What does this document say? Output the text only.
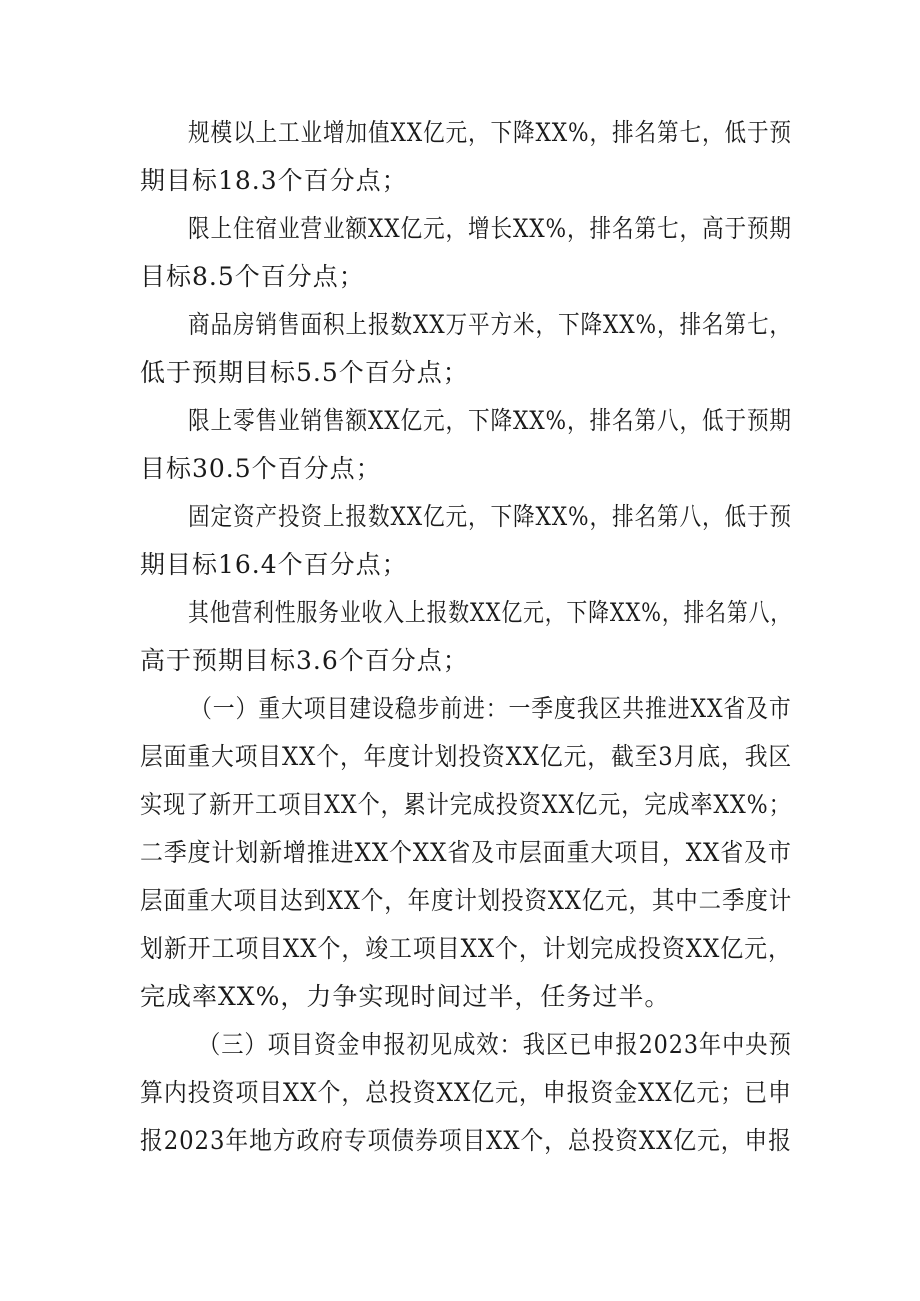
规模以上工业增加值XX亿元，下降XX%，排名第七，低于预

期目标18.3个百分点；

限上住宿业营业额XX亿元，增长XX%，排名第七，高于预期

目标8.5个百分点；

商品房销售面积上报数XX万平方米，下降XX%，排名第七，

低于预期目标5.5个百分点；

限上零售业销售额XX亿元，下降XX%，排名第八，低于预期

目标30.5个百分点；

固定资产投资上报数XX亿元，下降XX%，排名第八，低于预

期目标16.4个百分点；

其他营利性服务业收入上报数XX亿元，下降XX%，排名第八，

高于预期目标3.6个百分点；

（一）重大项目建设稳步前进：一季度我区共推进XX省及市

层面重大项目XX个，年度计划投资XX亿元，截至3月底，我区

实现了新开工项目XX个，累计完成投资XX亿元，完成率XX%；

二季度计划新增推进XX个XX省及市层面重大项目，XX省及市

层面重大项目达到XX个，年度计划投资XX亿元，其中二季度计

划新开工项目XX个，竣工项目XX个，计划完成投资XX亿元，

完成率XX%，力争实现时间过半，任务过半。

（三）项目资金申报初见成效：我区已申报2023年中央预

算内投资项目XX个，总投资XX亿元，申报资金XX亿元；已申

报2023年地方政府专项债券项目XX个，总投资XX亿元，申报
